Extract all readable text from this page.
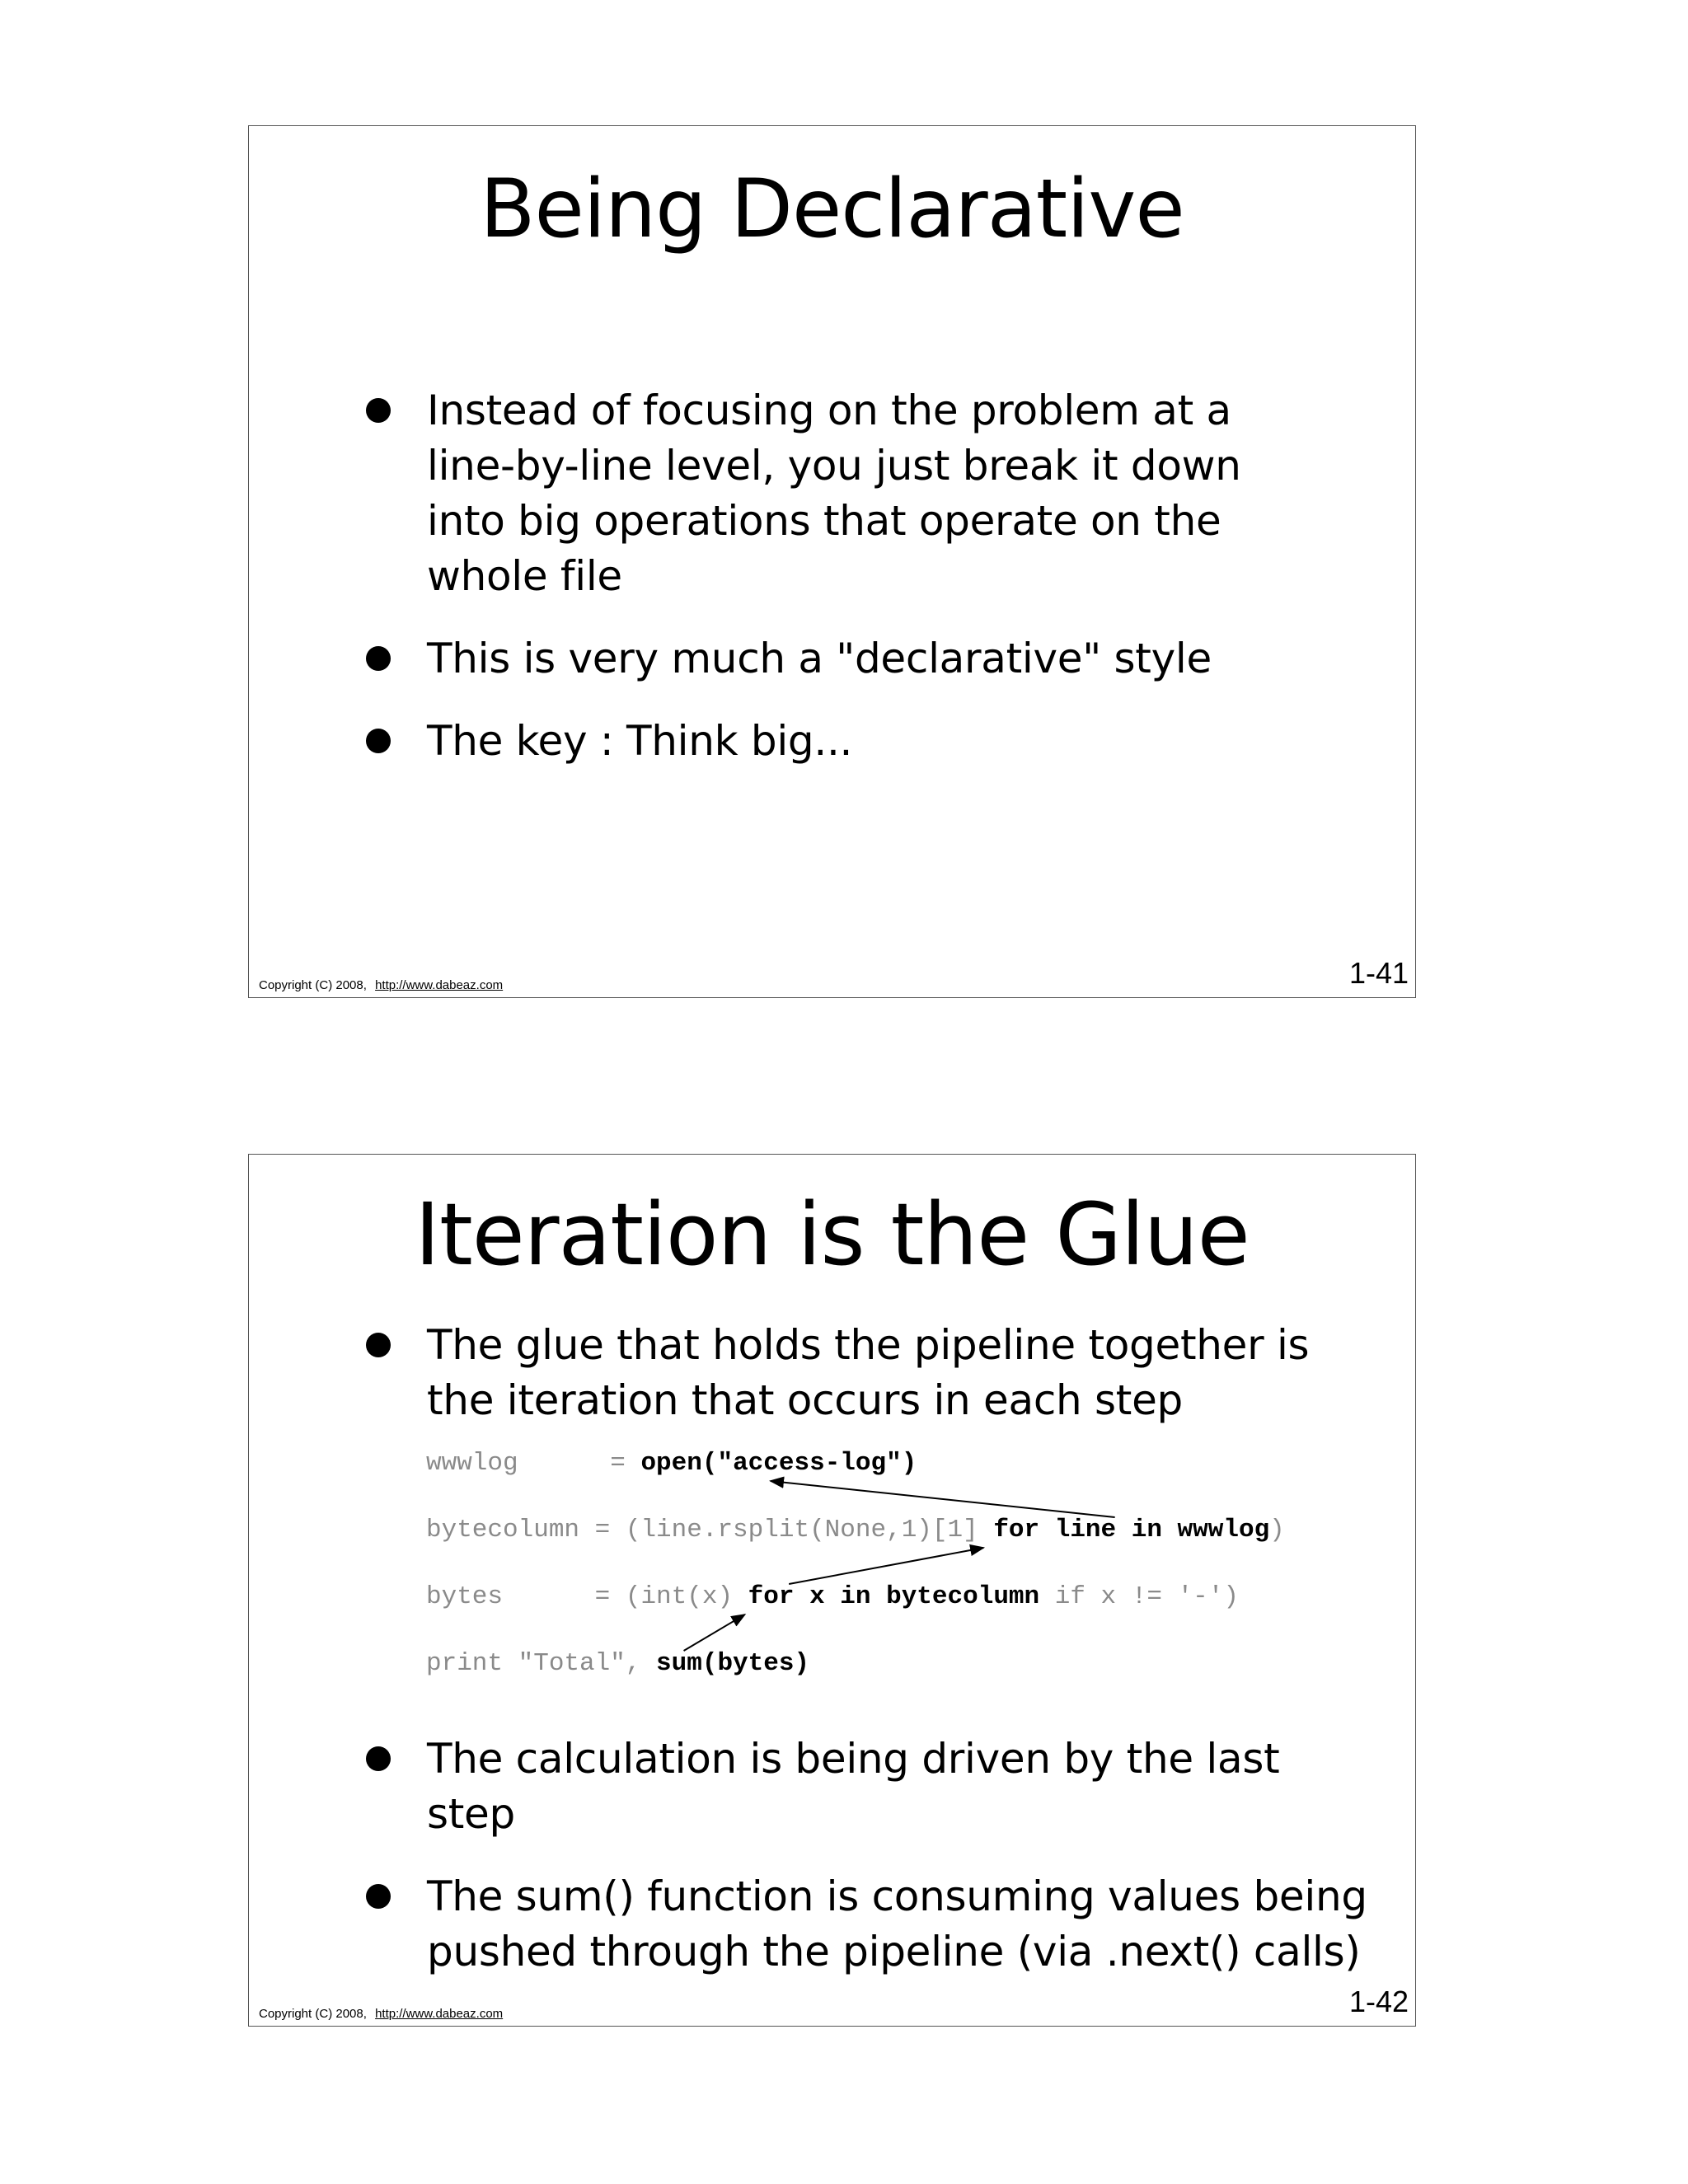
Being Declarative
Instead of focusing on the problem at a line-by-line level, you just break it down into big operations that operate on the whole file
This is very much a "declarative" style
The key : Think big...
Copyright (C) 2008, http://www.dabeaz.com	1-41
Iteration is the Glue
The glue that holds the pipeline together is the iteration that occurs in each step
wwwlog      = open("access-log")
bytecolumn = (line.rsplit(None,1)[1] for line in wwwlog)
bytes      = (int(x) for x in bytecolumn if x != '-')
print "Total", sum(bytes)
The calculation is being driven by the last step
The sum() function is consuming values being pushed through the pipeline (via .next() calls)
Copyright (C) 2008, http://www.dabeaz.com	1-42
